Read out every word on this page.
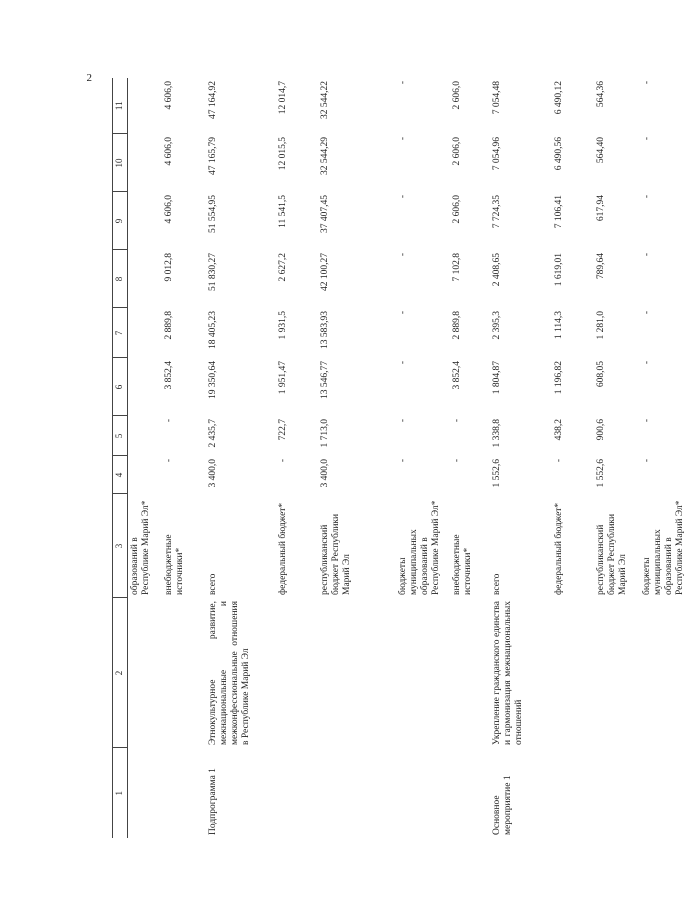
2
1	2	3	4	5	6	7	8	9	10	11
		образований в Республике Марий Эл*								
		внебюджетные источники*	-	-	3 852,4	2 889,8	9 012,8	4 606,0	4 606,0	4 606,0
Подпрограмма 1	Этнокультурное развитие, межнациональные и межконфессиональные отношения в Республике Марий Эл	всего	3 400,0	2 435,7	19 350,64	18 405,23	51 830,27	51 554,95	47 165,79	47 164,92
		федеральный бюджет*	-	722,7	1 951,47	1 931,5	2 627,2	11 541,5	12 015,5	12 014,7
		республиканский бюджет Республики Марий Эл	3 400,0	1 713,0	13 546,77	13 583,93	42 100,27	37 407,45	32 544,29	32 544,22
		бюджеты муниципальных образований в Республике Марий Эл*	-	-	-	-	-	-	-	-
		внебюджетные источники*	-	-	3 852,4	2 889,8	7 102,8	2 606,0	2 606,0	2 606,0
Основное мероприятие 1	Укрепление гражданского единства и гармонизация межнациональных отношений	всего	1 552,6	1 338,8	1 804,87	2 395,3	2 408,65	7 724,35	7 054,96	7 054,48
		федеральный бюджет*	-	438,2	1 196,82	1 114,3	1 619,01	7 106,41	6 490,56	6 490,12
		республиканский бюджет Республики Марий Эл	1 552,6	900,6	608,05	1 281,0	789,64	617,94	564,40	564,36
		бюджеты муниципальных образований в Республике Марий Эл*	-	-	-	-	-	-	-	-
